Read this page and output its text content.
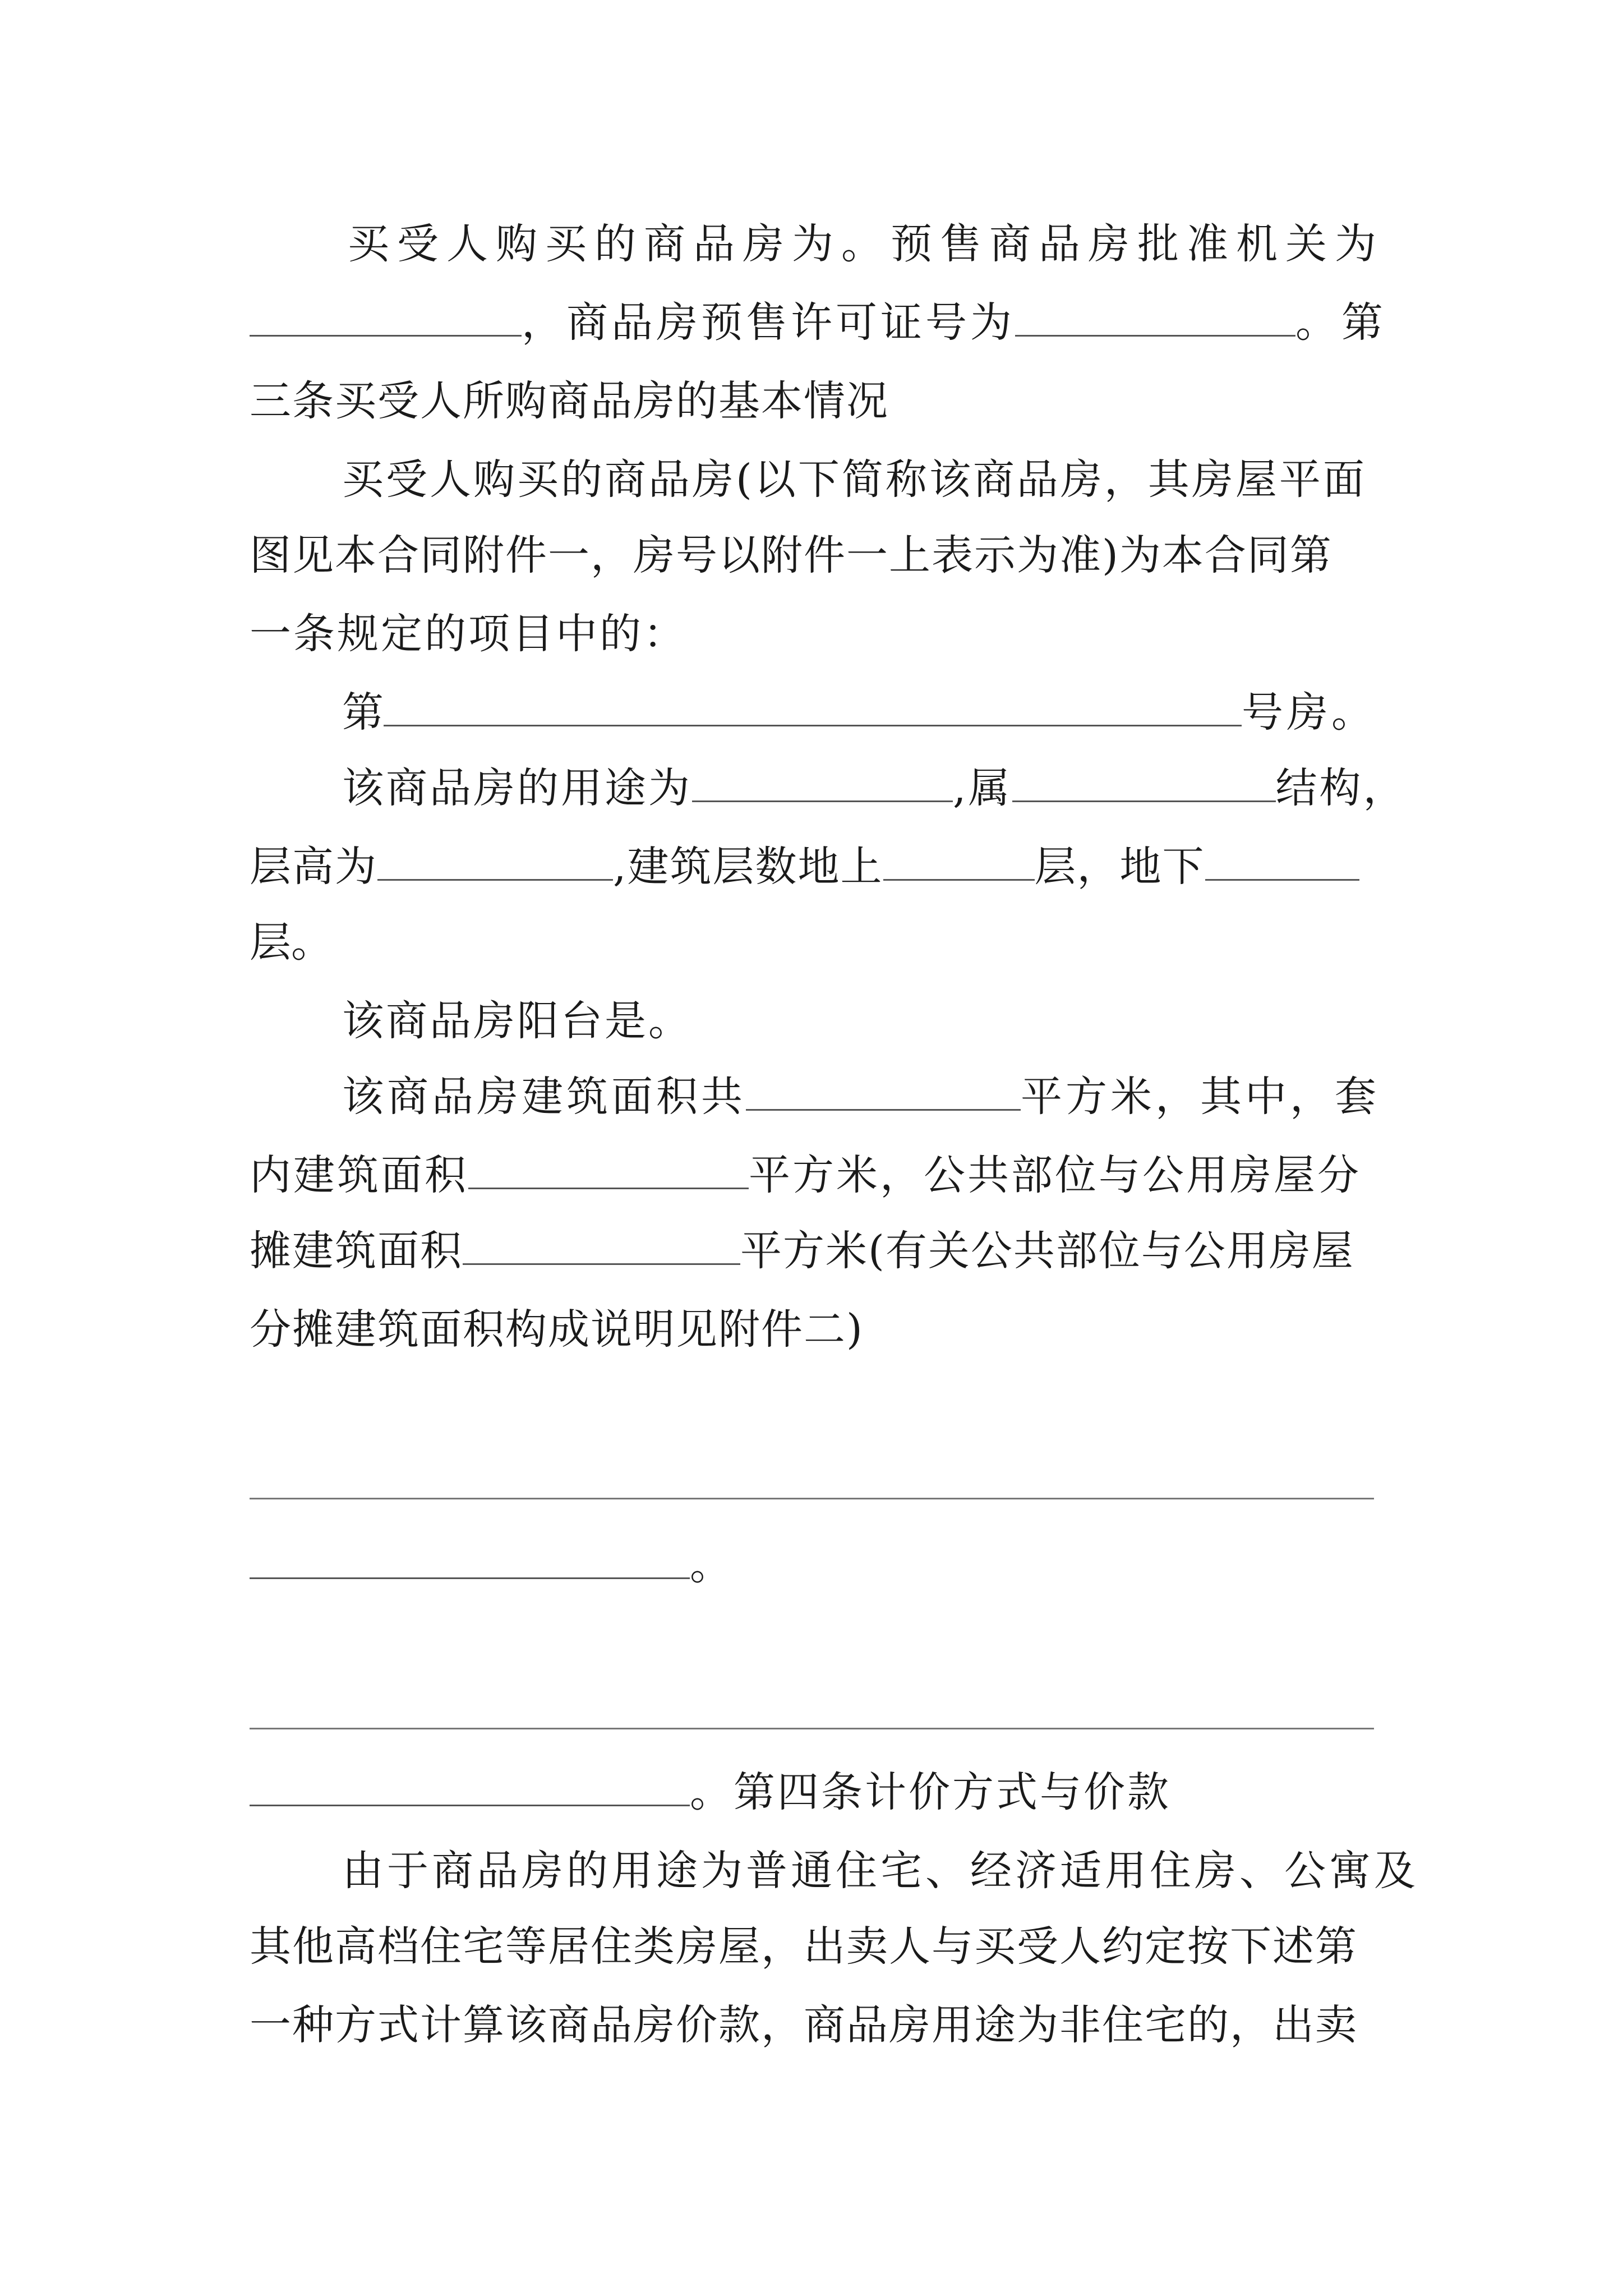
买受人购买的商品房为。预售商品房批准机关为
，商品房预售许可证号为	。第
三条买受人所购商品房的基本情况
买受人购买的商品房(以下简称该商品房，其房屋平面
图见本合同附件一，房号以附件一上表示为准)为本合同第
一条规定的项目中的：
第	号房。
该商品房的用途为	,属	结构，
层高为	,建筑层数地上	层，地下
层。
该商品房阳台是。
该商品房建筑面积共	平方米，其中，套
内建筑面积	平方米，公共部位与公用房屋分
摊建筑面积	平方米(有关公共部位与公用房屋
分摊建筑面积构成说明见附件二)
。
。第四条计价方式与价款
由于商品房的用途为普通住宅、经济适用住房、公寓及
其他高档住宅等居住类房屋，出卖人与买受人约定按下述第
一种方式计算该商品房价款，商品房用途为非住宅的，出卖
